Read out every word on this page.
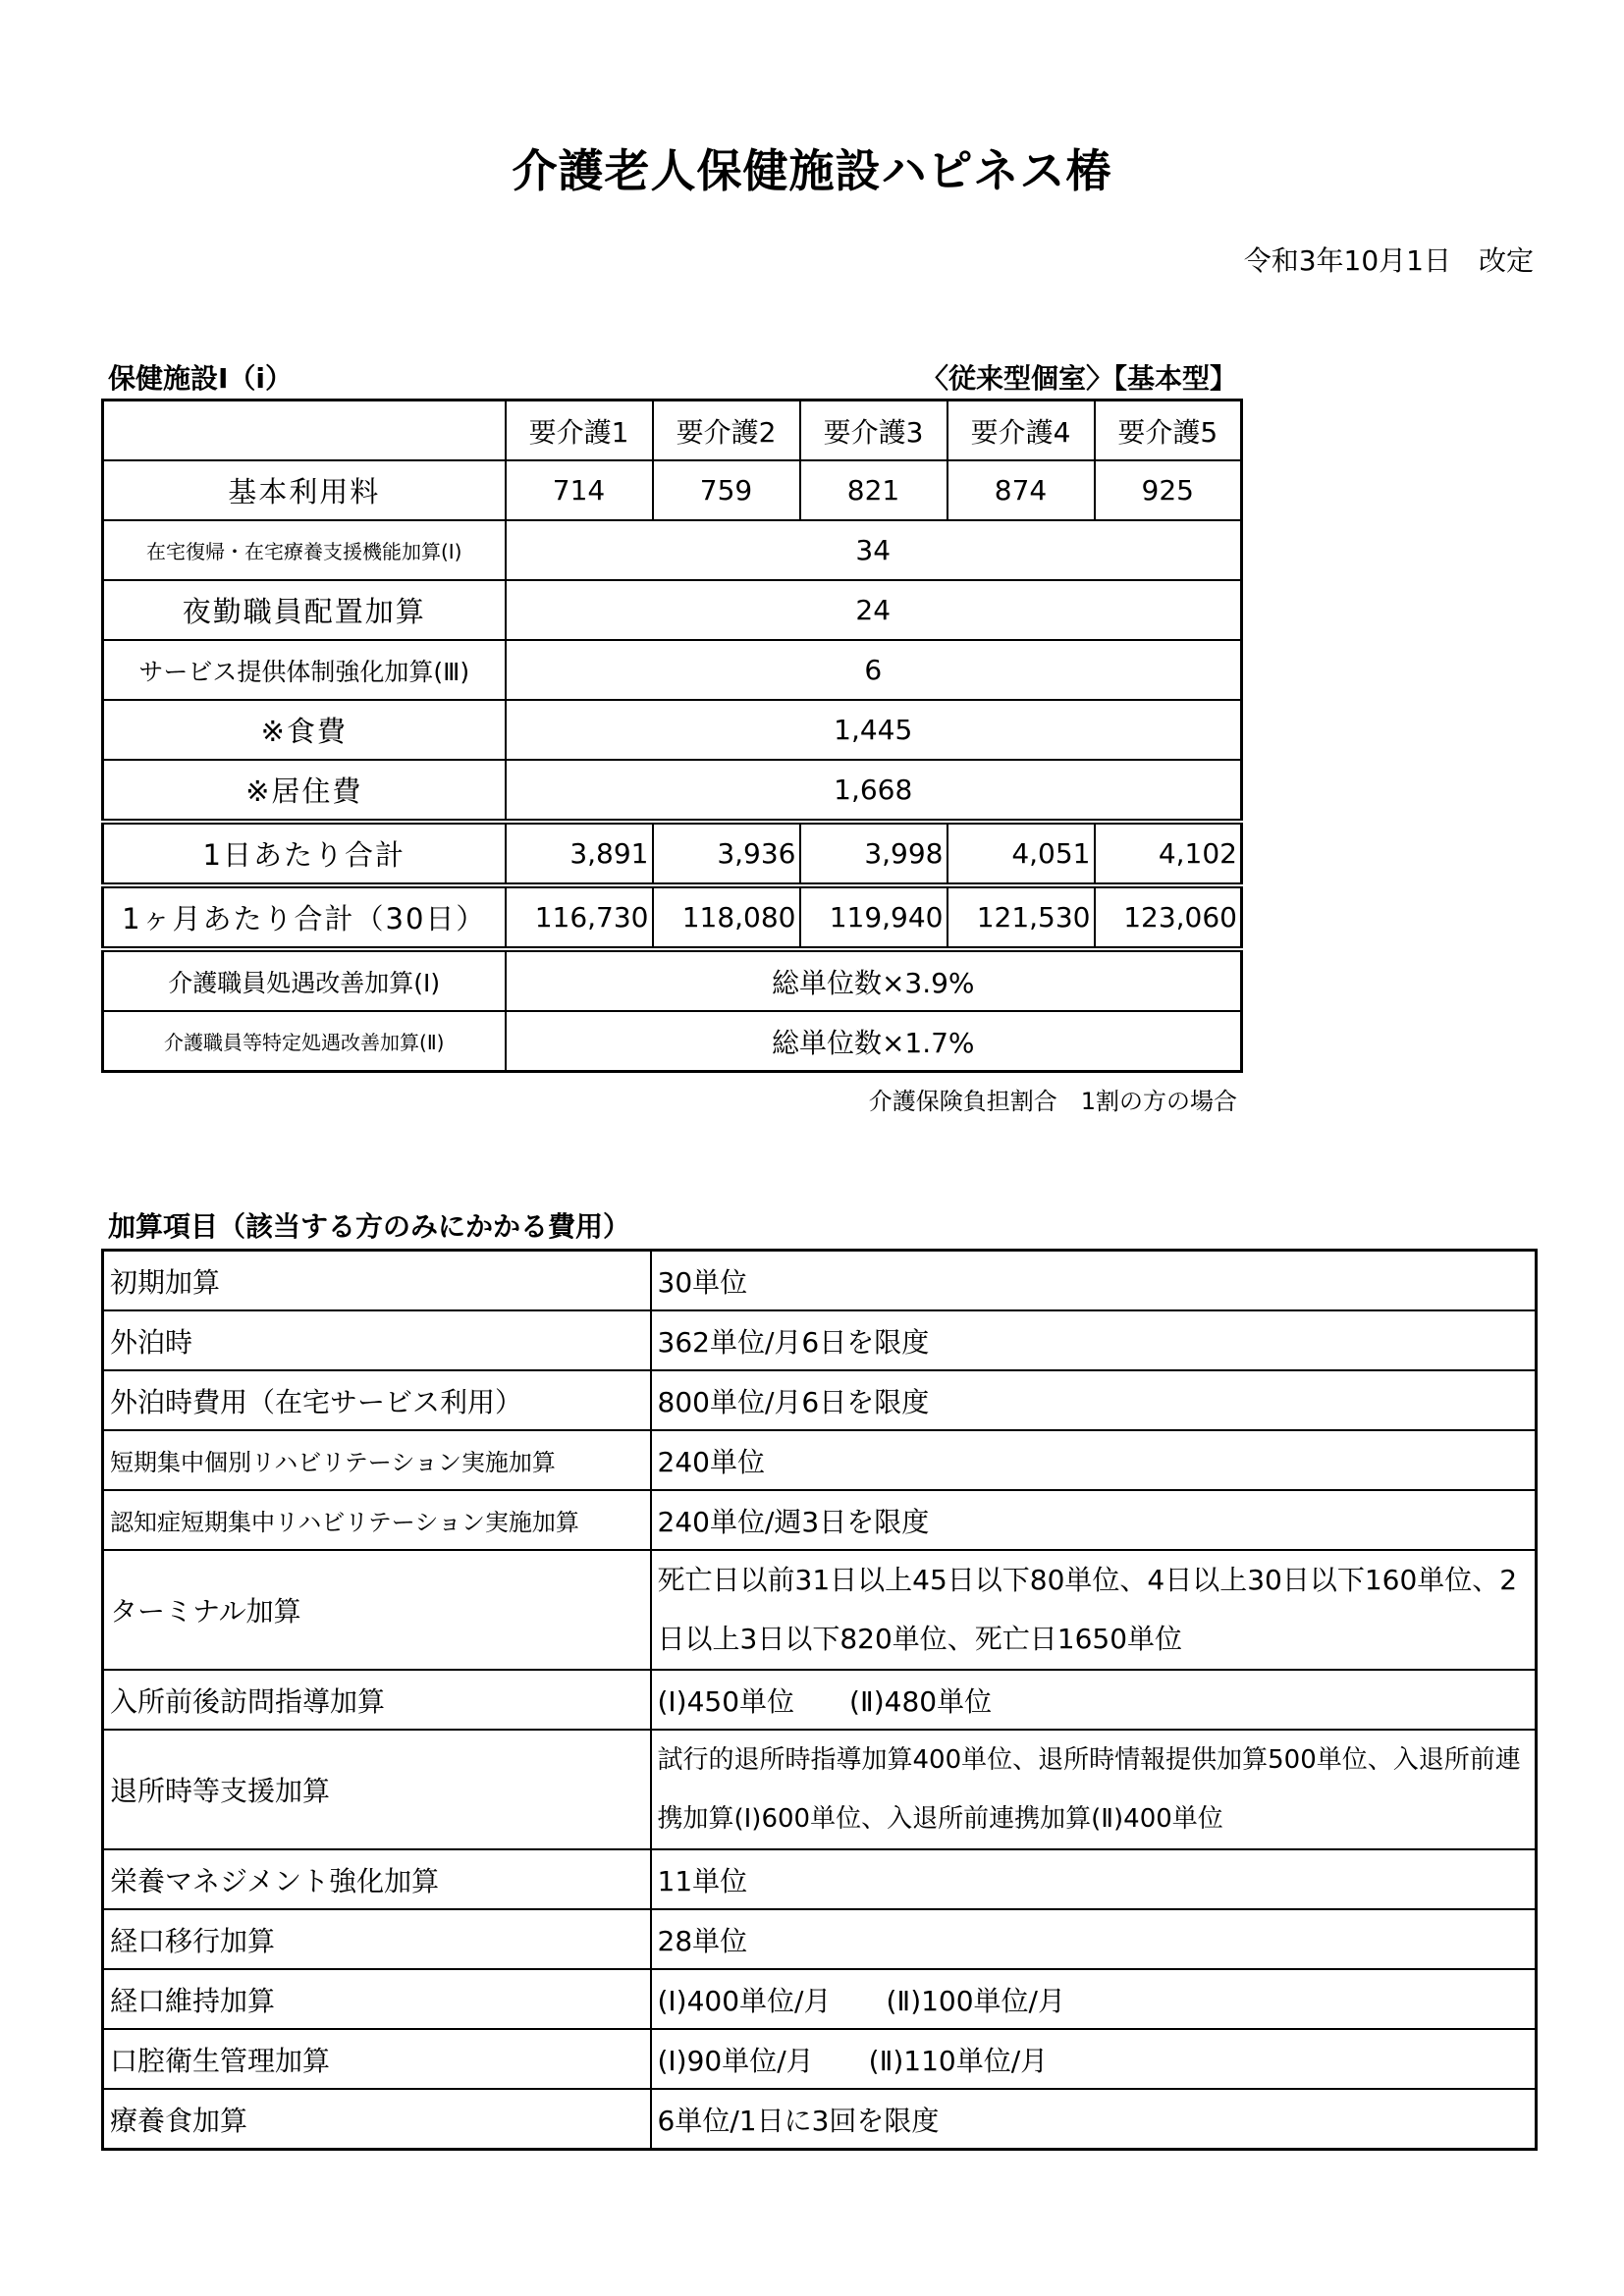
介護老人保健施設ハピネス椿
令和3年10月1日　改定
保健施設Ⅰ（ⅰ）	〈従来型個室〉【基本型】
	要介護1	要介護2	要介護3	要介護4	要介護5
基本利用料	714	759	821	874	925
在宅復帰・在宅療養支援機能加算(Ⅰ)	34				
夜勤職員配置加算	24				
サービス提供体制強化加算(Ⅲ)	6				
※食費	1,445				
※居住費	1,668				
1日あたり合計	3,891	3,936	3,998	4,051	4,102
1ヶ月あたり合計（30日）	116,730	118,080	119,940	121,530	123,060
介護職員処遇改善加算(Ⅰ)	総単位数×3.9%				
介護職員等特定処遇改善加算(Ⅱ)	総単位数×1.7%				
介護保険負担割合　1割の方の場合
加算項目（該当する方のみにかかる費用）
初期加算	30単位
外泊時	362単位/月6日を限度
外泊時費用（在宅サービス利用）	800単位/月6日を限度
短期集中個別リハビリテーション実施加算	240単位
認知症短期集中リハビリテーション実施加算	240単位/週3日を限度
ターミナル加算	死亡日以前31日以上45日以下80単位、4日以上30日以下160単位、2日以上3日以下820単位、死亡日1650単位
入所前後訪問指導加算	(Ⅰ)450単位　　(Ⅱ)480単位
退所時等支援加算	試行的退所時指導加算400単位、退所時情報提供加算500単位、入退所前連携加算(Ⅰ)600単位、入退所前連携加算(Ⅱ)400単位
栄養マネジメント強化加算	11単位
経口移行加算	28単位
経口維持加算	(Ⅰ)400単位/月　　(Ⅱ)100単位/月
口腔衛生管理加算	(Ⅰ)90単位/月　　(Ⅱ)110単位/月
療養食加算	6単位/1日に3回を限度
